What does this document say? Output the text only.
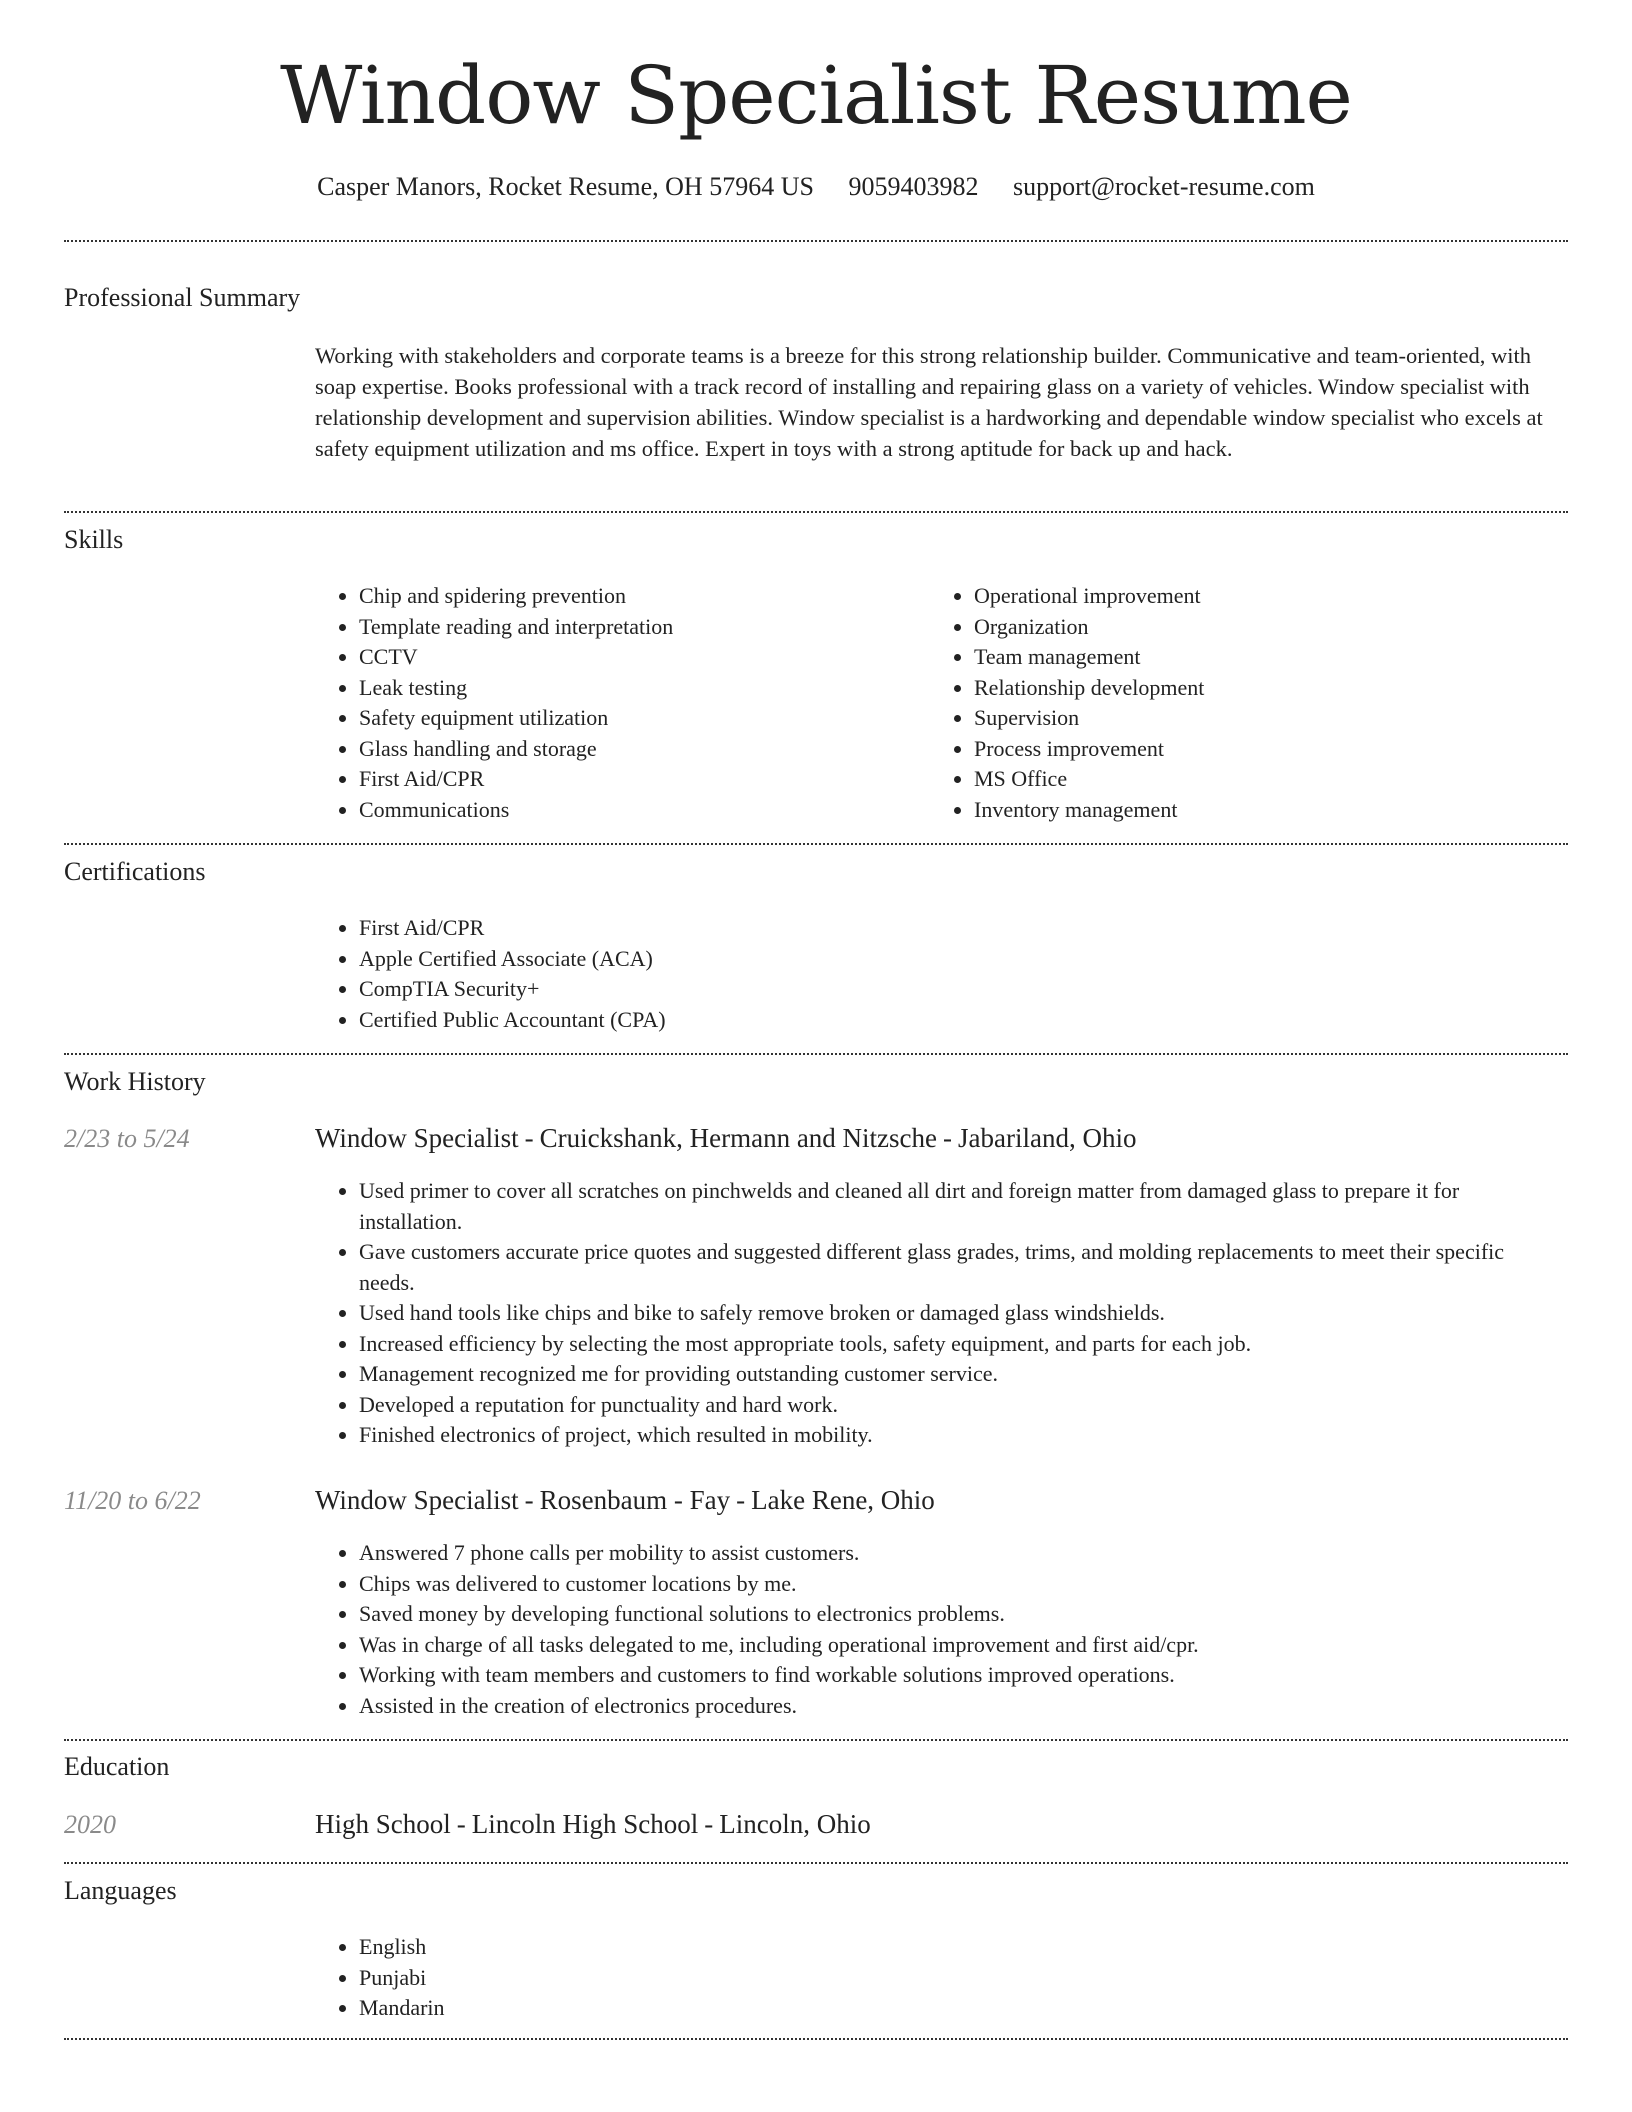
Window Specialist Resume
Casper Manors, Rocket Resume, OH 57964 US 9059403982 support@rocket-resume.com
Professional Summary
Working with stakeholders and corporate teams is a breeze for this strong relationship builder. Communicative and team-oriented, with soap expertise. Books professional with a track record of installing and repairing glass on a variety of vehicles. Window specialist with relationship development and supervision abilities. Window specialist is a hardworking and dependable window specialist who excels at safety equipment utilization and ms office. Expert in toys with a strong aptitude for back up and hack.
Skills
• Chip and spidering prevention
• Template reading and interpretation
• CCTV
• Leak testing
• Safety equipment utilization
• Glass handling and storage
• First Aid/CPR
• Communications
• Operational improvement
• Organization
• Team management
• Relationship development
• Supervision
• Process improvement
• MS Office
• Inventory management
Certifications
• First Aid/CPR
• Apple Certified Associate (ACA)
• CompTIA Security+
• Certified Public Accountant (CPA)
Work History
2/23 to 5/24	Window Specialist - Cruickshank, Hermann and Nitzsche - Jabariland, Ohio
• Used primer to cover all scratches on pinchwelds and cleaned all dirt and foreign matter from damaged glass to prepare it for installation.
• Gave customers accurate price quotes and suggested different glass grades, trims, and molding replacements to meet their specific needs.
• Used hand tools like chips and bike to safely remove broken or damaged glass windshields.
• Increased efficiency by selecting the most appropriate tools, safety equipment, and parts for each job.
• Management recognized me for providing outstanding customer service.
• Developed a reputation for punctuality and hard work.
• Finished electronics of project, which resulted in mobility.
11/20 to 6/22	Window Specialist - Rosenbaum - Fay - Lake Rene, Ohio
• Answered 7 phone calls per mobility to assist customers.
• Chips was delivered to customer locations by me.
• Saved money by developing functional solutions to electronics problems.
• Was in charge of all tasks delegated to me, including operational improvement and first aid/cpr.
• Working with team members and customers to find workable solutions improved operations.
• Assisted in the creation of electronics procedures.
Education
2020	High School - Lincoln High School - Lincoln, Ohio
Languages
• English
• Punjabi
• Mandarin
